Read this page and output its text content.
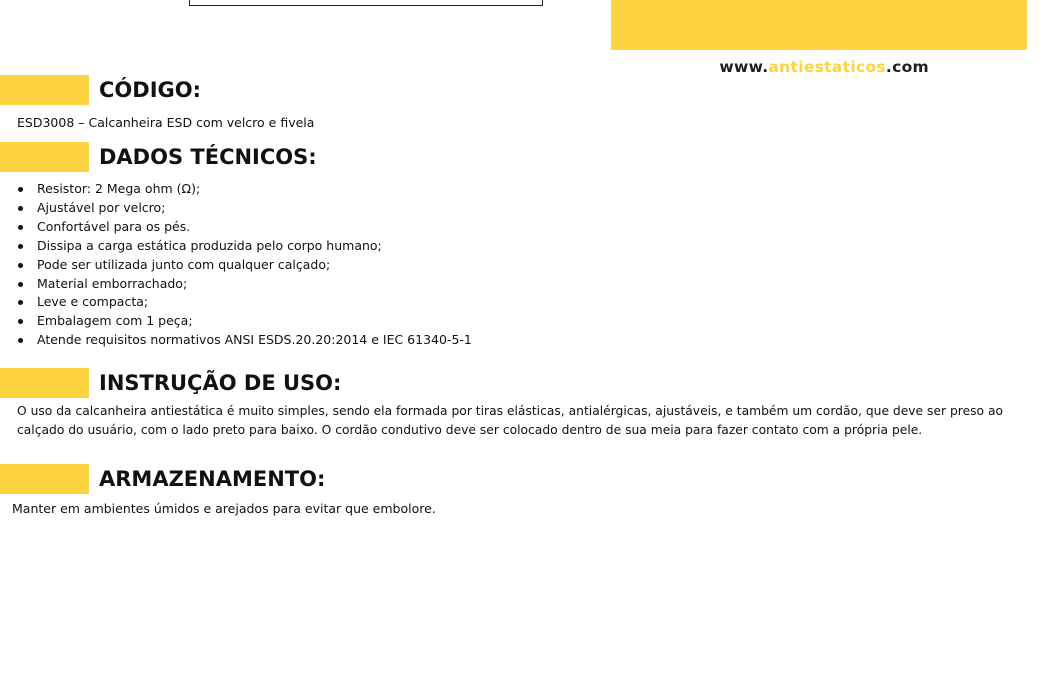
www.antiestaticos.com
CÓDIGO:

ESD3008 – Calcanheira ESD com velcro e fivela

DADOS TÉCNICOS:
Resistor: 2 Mega ohm (Ω);
Ajustável por velcro;
Confortável para os pés.
Dissipa a carga estática produzida pelo corpo humano;
Pode ser utilizada junto com qualquer calçado;
Material emborrachado;
Leve e compacta;
Embalagem com 1 peça;
Atende requisitos normativos ANSI ESDS.20.20:2014 e IEC 61340-5-1
INSTRUÇÃO DE USO:

O uso da calcanheira antiestática é muito simples, sendo ela formada por tiras elásticas, antialérgicas, ajustáveis, e também um cordão, que deve ser preso ao calçado do usuário, com o lado preto para baixo. O cordão condutivo deve ser colocado dentro de sua meia para fazer contato com a própria pele.

ARMAZENAMENTO:

Manter em ambientes úmidos e arejados para evitar que embolore.
